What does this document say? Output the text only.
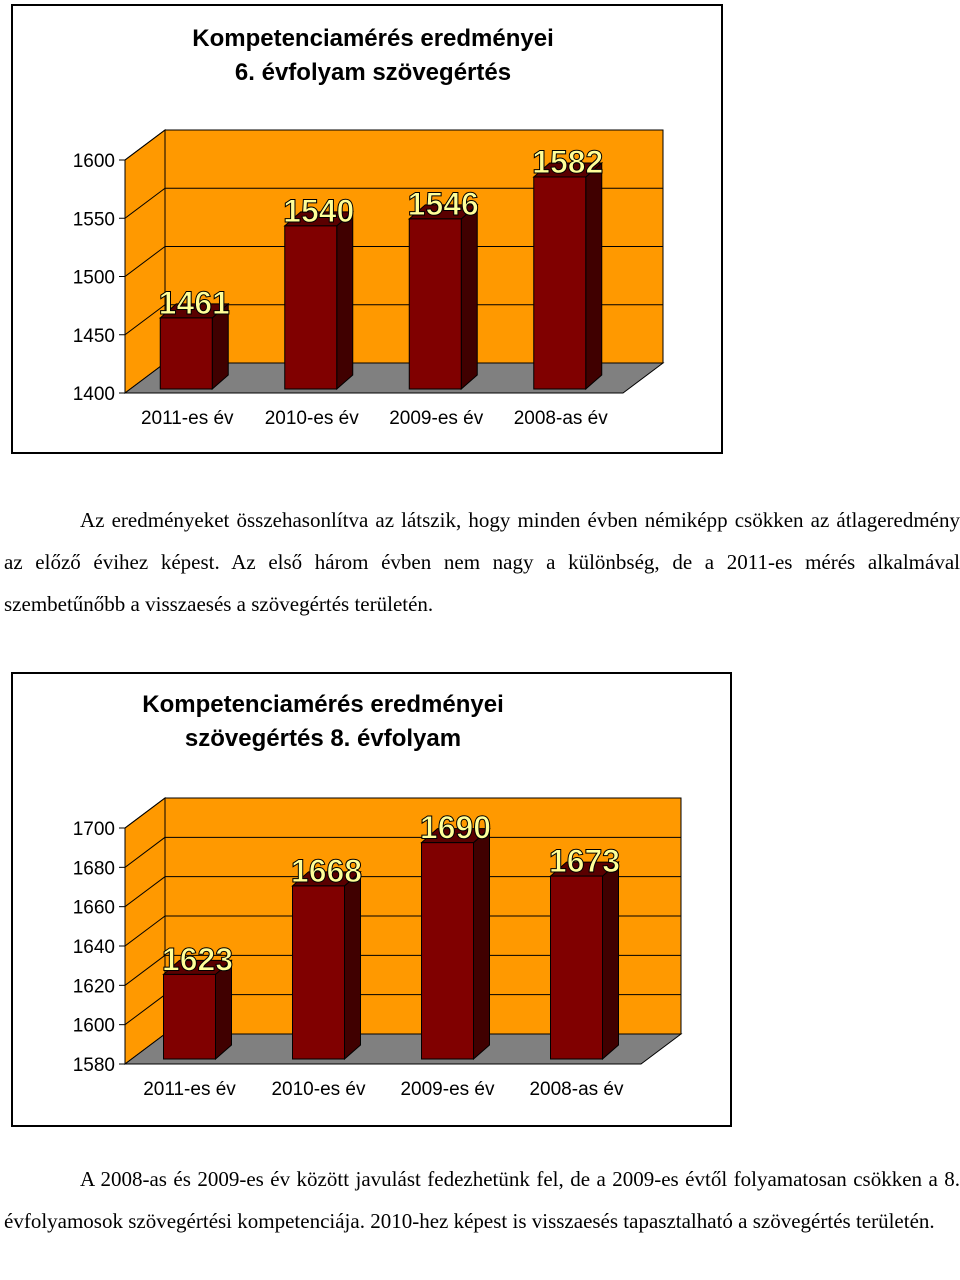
Kompetenciamérés eredményei
6. évfolyam szövegértés
1400
1450
1500
1550
1600
1461
2011-es év
1540
2010-es év
1546
2009-es év
1582
2008-as év

Az eredményeket összehasonlítva az látszik, hogy minden évben némiképp csökken az átlageredmény az előző évihez képest. Az első három évben nem nagy a különbség, de a 2011-es mérés alkalmával szembetűnőbb a visszaesés a szövegértés területén.

Kompetenciamérés eredményei
szövegértés 8. évfolyam
1580
1600
1620
1640
1660
1680
1700
1623
2011-es év
1668
2010-es év
1690
2009-es év
1673
2008-as év

A 2008-as és 2009-es év között javulást fedezhetünk fel, de a 2009-es évtől folyamatosan csökken a 8. évfolyamosok szövegértési kompetenciája. 2010-hez képest is visszaesés tapasztalható a szövegértés területén.
